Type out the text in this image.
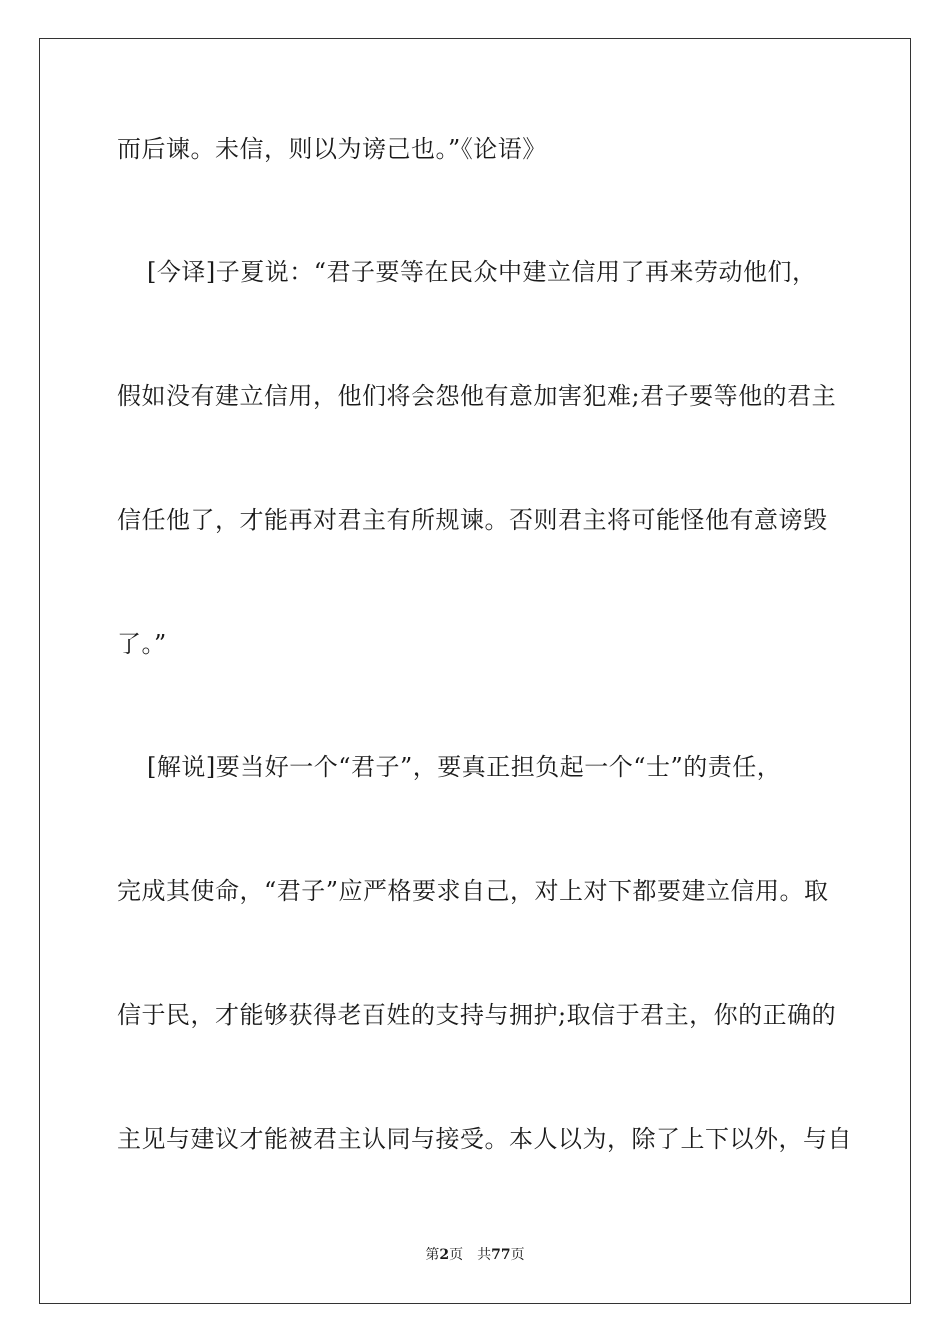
而后谏。未信，则以为谤己也。”《论语》
[今译]子夏说：“君子要等在民众中建立信用了再来劳动他们，
假如没有建立信用，他们将会怨他有意加害犯难;君子要等他的君主
信任他了，才能再对君主有所规谏。否则君主将可能怪他有意谤毁
了。”
[解说]要当好一个“君子”，要真正担负起一个“士”的责任，
完成其使命，“君子”应严格要求自己，对上对下都要建立信用。取
信于民，才能够获得老百姓的支持与拥护;取信于君主，你的正确的
主见与建议才能被君主认同与接受。本人以为，除了上下以外，与自
第2页 共77页
